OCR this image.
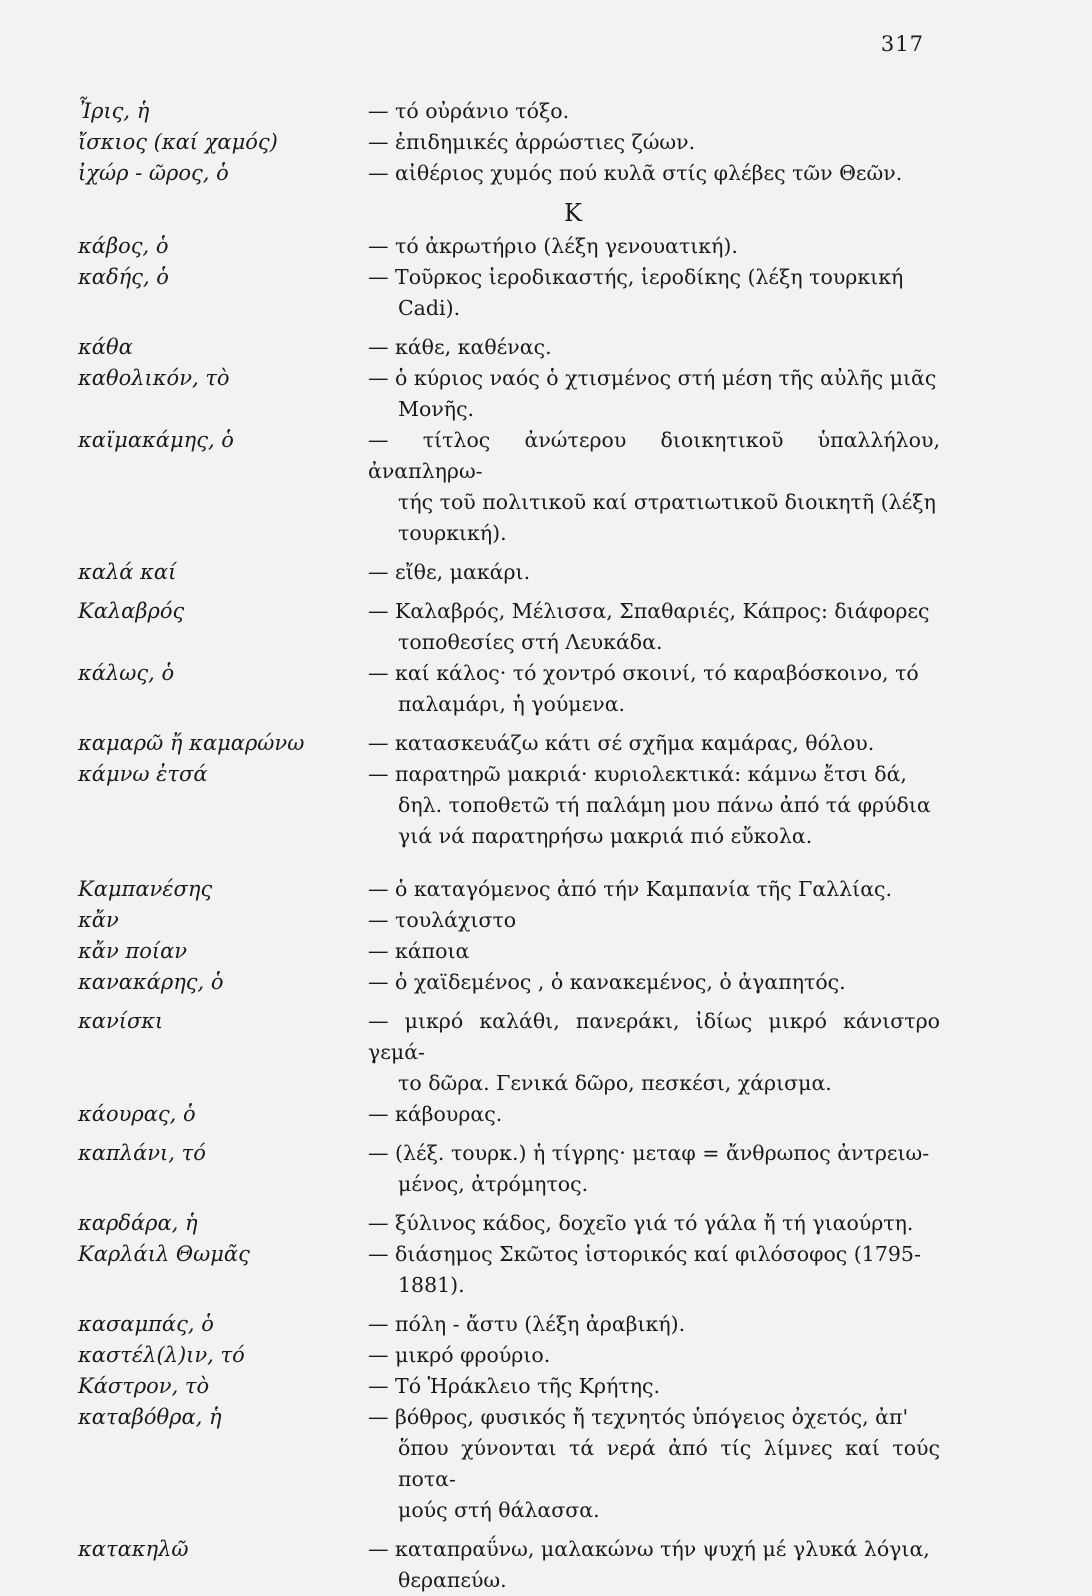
317
Ἶρις, ἡ	— τό οὐράνιο τόξο.
ἴσκιος (καί χαμός)	— ἐπιδημικές ἀρρώστιες ζώων.
ἰχώρ - ῶρος, ὁ	— αἰθέριος χυμός πού κυλᾶ στίς φλέβες τῶν Θεῶν.
Κ
κάβος, ὁ	— τό ἀκρωτήριο (λέξη γενουατική).
καδής, ὁ	— Τοῦρκος ἱεροδικαστής, ἱεροδίκης (λέξη τουρκική
Cadi).
κάθα	— κάθε, καθένας.
καθολικόν, τὸ	— ὁ κύριος ναός ὁ χτισμένος στή μέση τῆς αὐλῆς μιᾶς
Μονῆς.
καϊμακάμης, ὁ	— τίτλος ἀνώτερου διοικητικοῦ ὑπαλλήλου, ἀναπληρω-
τής τοῦ πολιτικοῦ καί στρατιωτικοῦ διοικητῆ (λέξη
τουρκική).
καλά καί	— εἴθε, μακάρι.
Καλαβρός	— Καλαβρός, Μέλισσα, Σπαθαριές, Κάπρος: διάφορες
τοποθεσίες στή Λευκάδα.
κάλως, ὁ	— καί κάλος· τό χοντρό σκοινί, τό καραβόσκοινο, τό
παλαμάρι, ἡ γούμενα.
καμαρῶ ἤ καμαρώνω	— κατασκευάζω κάτι σέ σχῆμα καμάρας, θόλου.
κάμνω ἐτσά	— παρατηρῶ μακριά· κυριολεκτικά: κάμνω ἔτσι δά,
δηλ. τοποθετῶ τή παλάμη μου πάνω ἀπό τά φρύδια
γιά νά παρατηρήσω μακριά πιό εὔκολα.
Καμπανέσης	— ὁ καταγόμενος ἀπό τήν Καμπανία τῆς Γαλλίας.
κἄν	— τουλάχιστο
κἄν ποίαν	— κάποια
κανακάρης, ὁ	— ὁ χαϊδεμένος , ὁ κανακεμένος, ὁ ἀγαπητός.
κανίσκι	— μικρό καλάθι, πανεράκι, ἰδίως μικρό κάνιστρο γεμά-
το δῶρα. Γενικά δῶρο, πεσκέσι, χάρισμα.
κάουρας, ὁ	— κάβουρας.
καπλάνι, τό	— (λέξ. τουρκ.) ἡ τίγρης· μεταφ = ἄνθρωπος ἀντρειω-
μένος, ἀτρόμητος.
καρδάρα, ἡ	— ξύλινος κάδος, δοχεῖο γιά τό γάλα ἤ τή γιαούρτη.
Καρλάιλ Θωμᾶς	— διάσημος Σκῶτος ἱστορικός καί φιλόσοφος (1795-
1881).
κασαμπάς, ὁ	— πόλη - ἄστυ (λέξη ἀραβική).
καστέλ(λ)ιν, τό	— μικρό φρούριο.
Κάστρον, τὸ	— Τό Ἡράκλειο τῆς Κρήτης.
καταβόθρα, ἡ	— βόθρος, φυσικός ἤ τεχνητός ὑπόγειος ὀχετός, ἀπ'
ὅπου χύνονται τά νερά ἀπό τίς λίμνες καί τούς ποτα-
μούς στή θάλασσα.
κατακηλῶ	— καταπραΰνω, μαλακώνω τήν ψυχή μέ γλυκά λόγια,
θεραπεύω.
